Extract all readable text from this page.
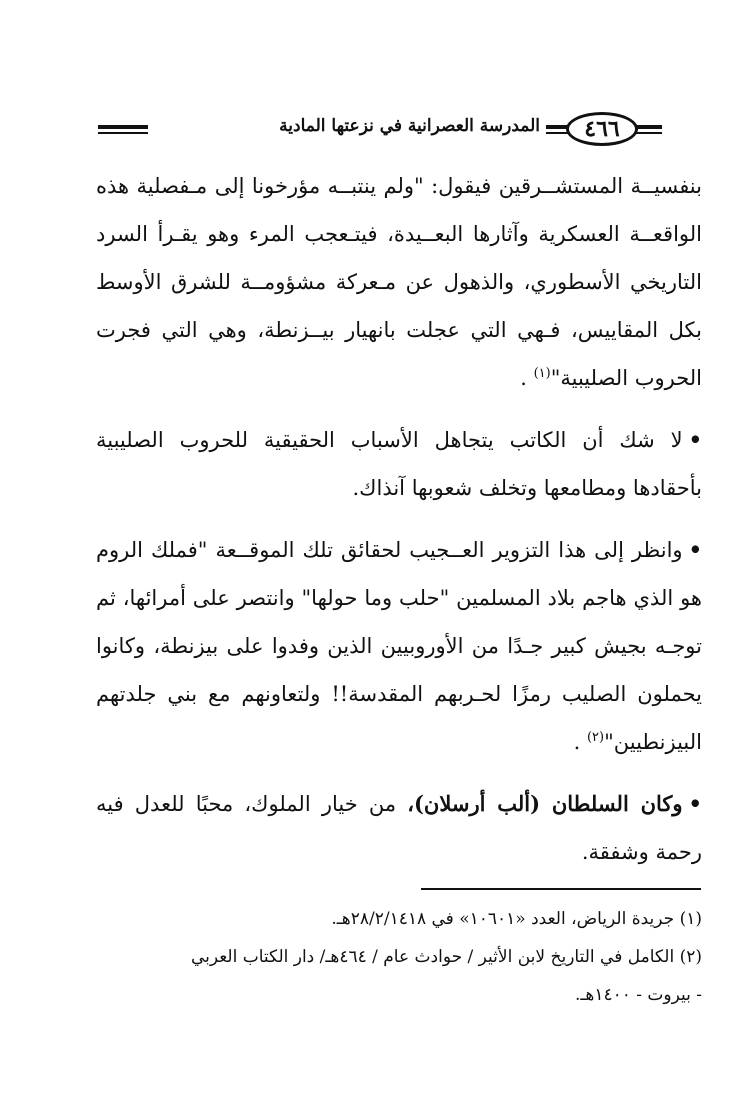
المدرسة العصرانية في نزعتها المادية ٤٦٦

بنفسيــة المستشــرقين فيقول: "ولم ينتبــه مؤرخونا إلى مـفصلية هذه الواقعــة العسكرية وآثارها البعــيدة، فيتـعجب المرء وهو يقـرأ السرد التاريخي الأسطوري، والذهول عن مـعركة مشؤومــة للشرق الأوسط بكل المقاييس، فـهي التي عجلت بانهيار بيــزنطة، وهي التي فجرت الحروب الصليبية"$^{(١)}$ .

•لا شك أن الكاتب يتجاهل الأسباب الحقيقية للحروب الصليبية بأحقادها ومطامعها وتخلف شعوبها آنذاك.

•وانظر إلى هذا التزوير العــجيب لحقائق تلك الموقــعة "فملك الروم هو الذي هاجم بلاد المسلمين "حلب وما حولها" وانتصر على أمرائها، ثم توجـه بجيش كبير جـدًا من الأوروبيين الذين وفدوا على بيزنطة، وكانوا يحملون الصليب رمزًا لحـربهم المقدسة!! ولتعاونهم مع بني جلدتهم البيزنطيين"$^{(٢)}$ .

•وكان السلطان (ألب أرسلان)، من خيار الملوك، محبًا للعدل فيه رحمة وشفقة.

(١) جريدة الرياض، العدد «١٠٦٠١» في ٢٨/٢/١٤١٨هـ.

(٢) الكامل في التاريخ لابن الأثير / حوادث عام / ٤٦٤هـ/ دار الكتاب العربي

- بيروت - ١٤٠٠هـ.
